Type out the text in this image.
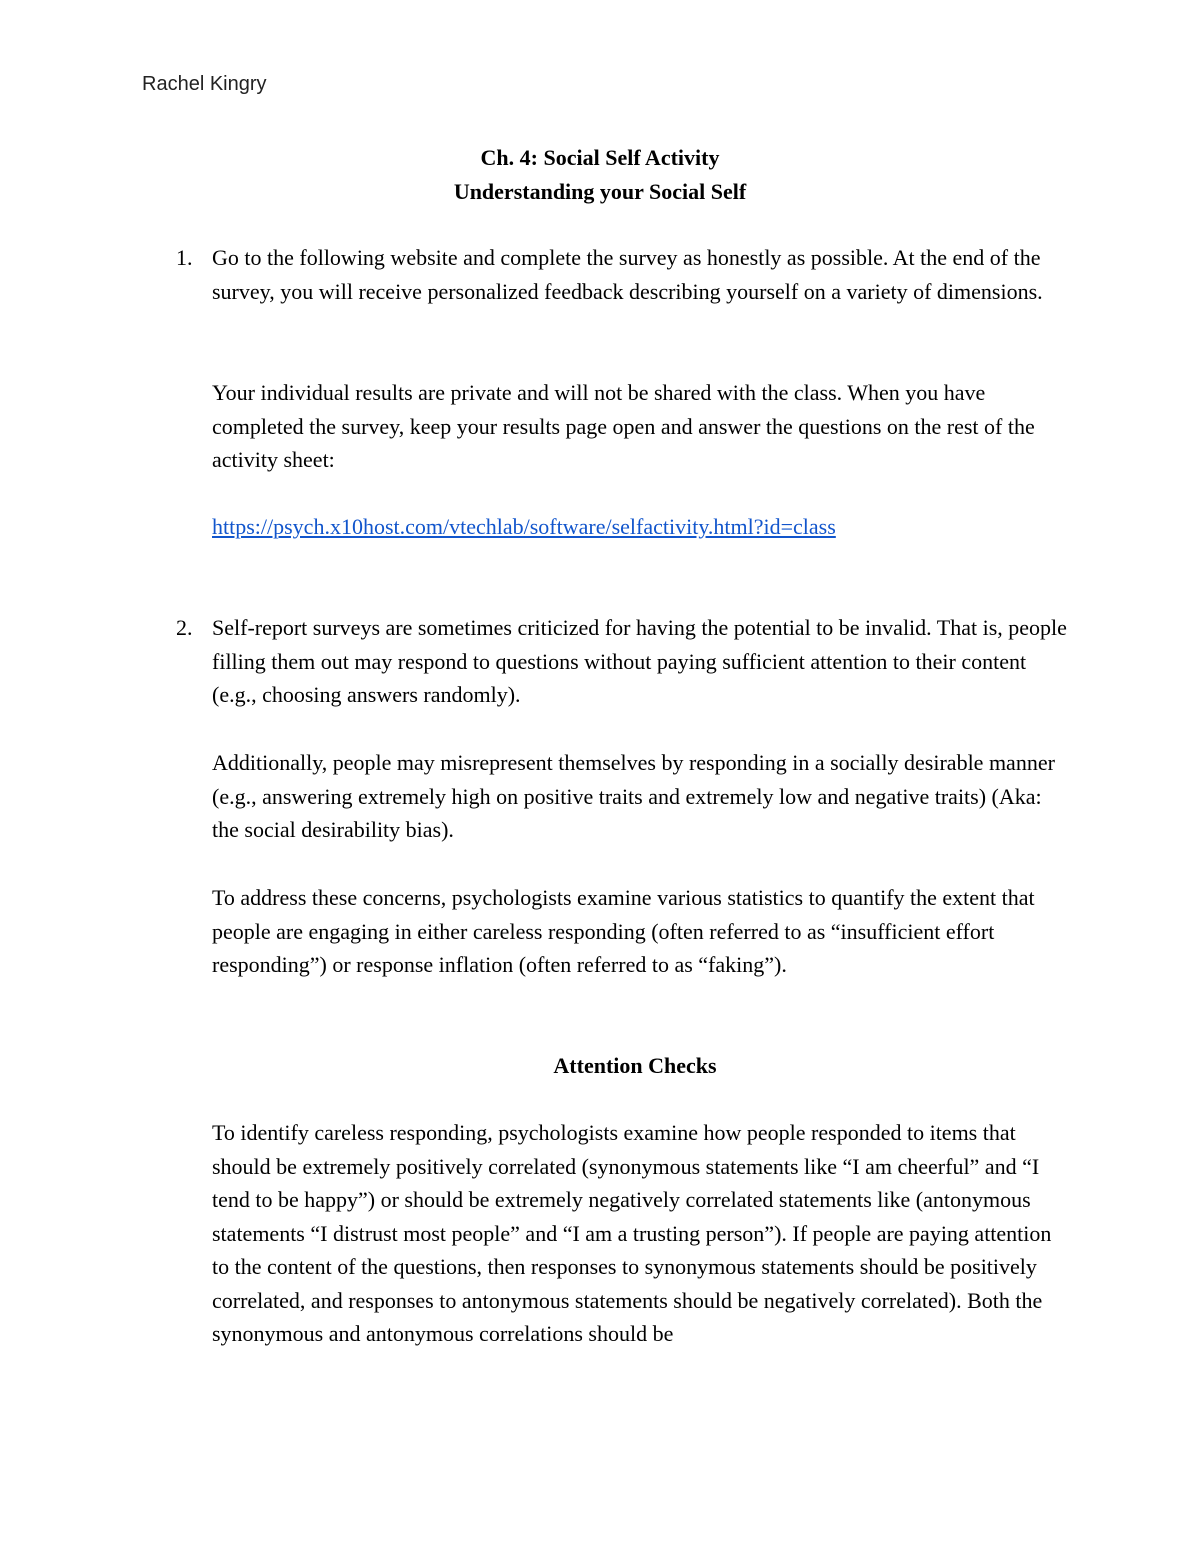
Rachel Kingry
Ch. 4: Social Self Activity
Understanding your Social Self
1. Go to the following website and complete the survey as honestly as possible. At the end of the survey, you will receive personalized feedback describing yourself on a variety of dimensions.

Your individual results are private and will not be shared with the class. When you have completed the survey, keep your results page open and answer the questions on the rest of the activity sheet:

https://psych.x10host.com/vtechlab/software/selfactivity.html?id=class

2. Self-report surveys are sometimes criticized for having the potential to be invalid. That is, people filling them out may respond to questions without paying sufficient attention to their content (e.g., choosing answers randomly).

Additionally, people may misrepresent themselves by responding in a socially desirable manner (e.g., answering extremely high on positive traits and extremely low and negative traits) (Aka: the social desirability bias).

To address these concerns, psychologists examine various statistics to quantify the extent that people are engaging in either careless responding (often referred to as “insufficient effort responding”) or response inflation (often referred to as “faking”).

Attention Checks

To identify careless responding, psychologists examine how people responded to items that should be extremely positively correlated (synonymous statements like “I am cheerful” and “I tend to be happy”) or should be extremely negatively correlated statements like (antonymous statements “I distrust most people” and “I am a trusting person”). If people are paying attention to the content of the questions, then responses to synonymous statements should be positively correlated, and responses to antonymous statements should be negatively correlated). Both the synonymous and antonymous correlations should be
